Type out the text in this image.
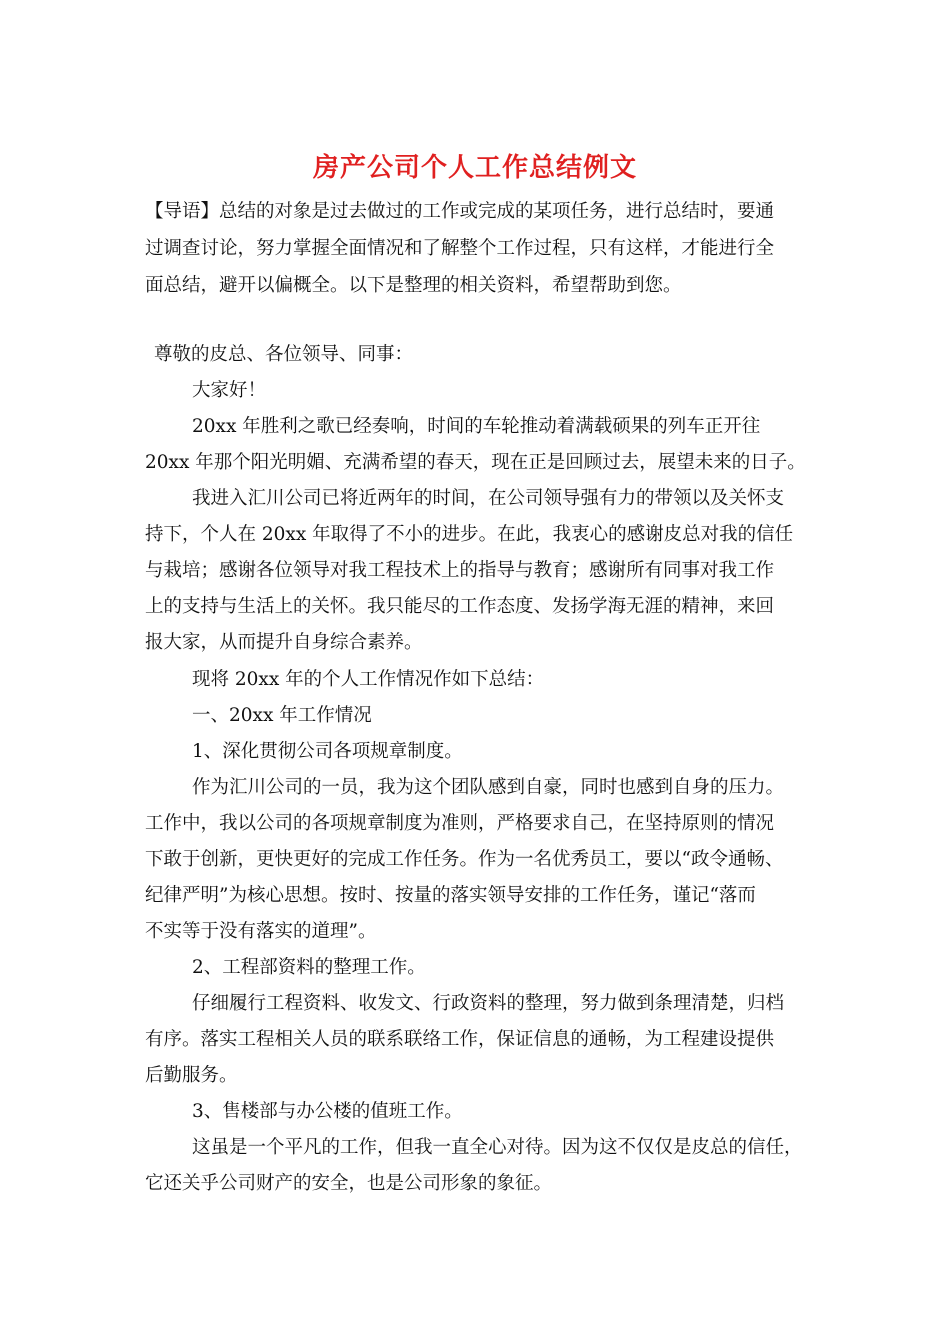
房产公司个人工作总结例文
【导语】总结的对象是过去做过的工作或完成的某项任务，进行总结时，要通
过调查讨论，努力掌握全面情况和了解整个工作过程，只有这样，才能进行全
面总结，避开以偏概全。以下是整理的相关资料，希望帮助到您。
尊敬的皮总、各位领导、同事：
大家好！
20xx 年胜利之歌已经奏响，时间的车轮推动着满载硕果的列车正开往
20xx 年那个阳光明媚、充满希望的春天，现在正是回顾过去，展望未来的日子。
我进入汇川公司已将近两年的时间，在公司领导强有力的带领以及关怀支
持下，个人在 20xx 年取得了不小的进步。在此，我衷心的感谢皮总对我的信任
与栽培；感谢各位领导对我工程技术上的指导与教育；感谢所有同事对我工作
上的支持与生活上的关怀。我只能尽的工作态度、发扬学海无涯的精神，来回
报大家，从而提升自身综合素养。
现将 20xx 年的个人工作情况作如下总结：
一、20xx 年工作情况
1、深化贯彻公司各项规章制度。
作为汇川公司的一员，我为这个团队感到自豪，同时也感到自身的压力。
工作中，我以公司的各项规章制度为准则，严格要求自己，在坚持原则的情况
下敢于创新，更快更好的完成工作任务。作为一名优秀员工，要以“政令通畅、
纪律严明”为核心思想。按时、按量的落实领导安排的工作任务，谨记“落而
不实等于没有落实的道理”。
2、工程部资料的整理工作。
仔细履行工程资料、收发文、行政资料的整理，努力做到条理清楚，归档
有序。落实工程相关人员的联系联络工作，保证信息的通畅，为工程建设提供
后勤服务。
3、售楼部与办公楼的值班工作。
这虽是一个平凡的工作，但我一直全心对待。因为这不仅仅是皮总的信任，
它还关乎公司财产的安全，也是公司形象的象征。
